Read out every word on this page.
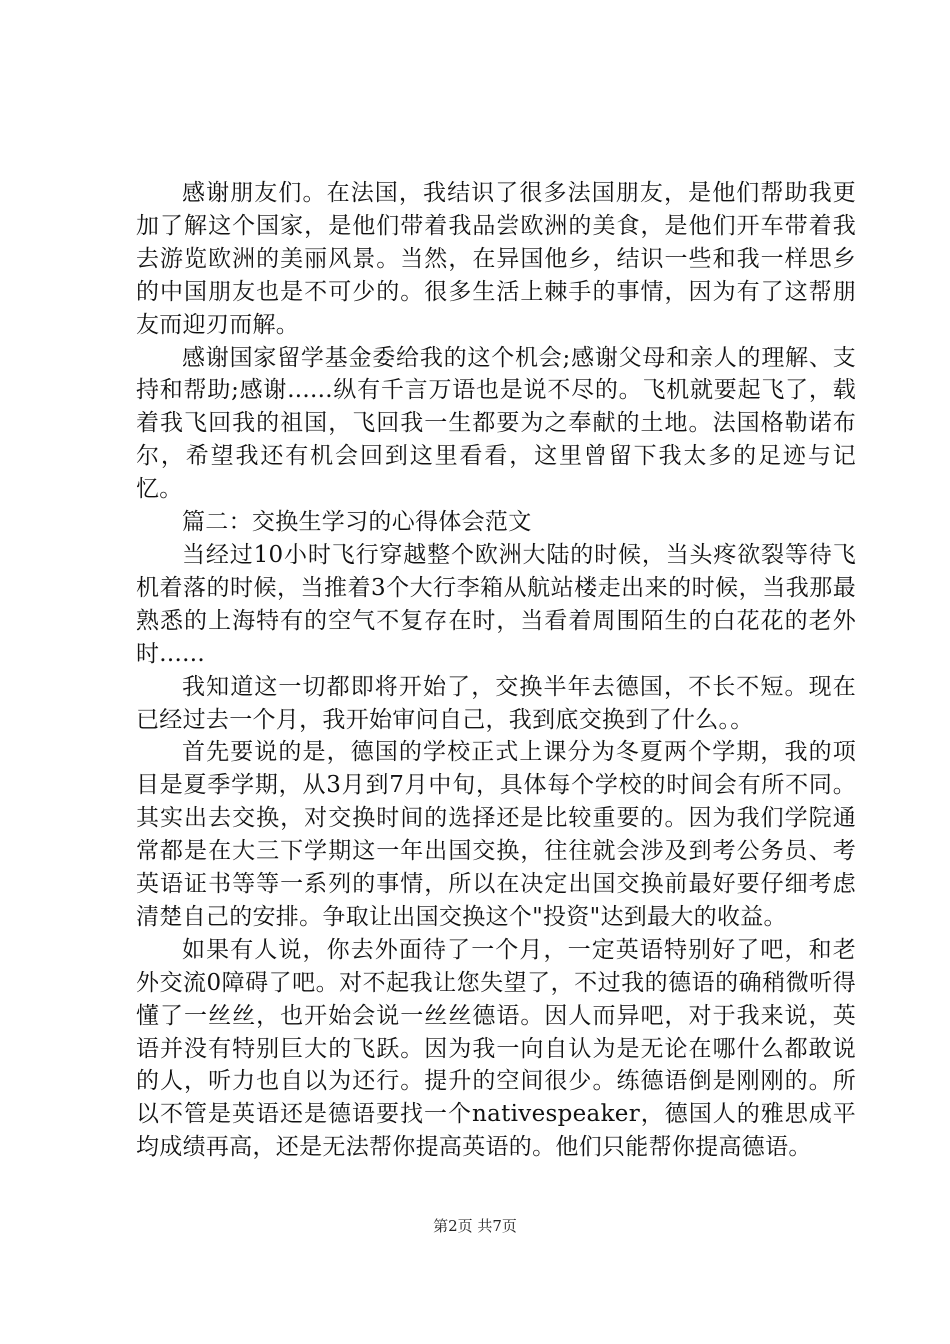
感谢朋友们。在法国，我结识了很多法国朋友，是他们帮助我更加了解这个国家，是他们带着我品尝欧洲的美食，是他们开车带着我去游览欧洲的美丽风景。当然，在异国他乡，结识一些和我一样思乡的中国朋友也是不可少的。很多生活上棘手的事情，因为有了这帮朋友而迎刃而解。

感谢国家留学基金委给我的这个机会;感谢父母和亲人的理解、支持和帮助;感谢......纵有千言万语也是说不尽的。飞机就要起飞了，载着我飞回我的祖国，飞回我一生都要为之奉献的土地。法国格勒诺布尔，希望我还有机会回到这里看看，这里曾留下我太多的足迹与记忆。

篇二：交换生学习的心得体会范文

当经过10小时飞行穿越整个欧洲大陆的时候，当头疼欲裂等待飞机着落的时候，当推着3个大行李箱从航站楼走出来的时候，当我那最熟悉的上海特有的空气不复存在时，当看着周围陌生的白花花的老外时......

我知道这一切都即将开始了，交换半年去德国，不长不短。现在已经过去一个月，我开始审问自己，我到底交换到了什么。。

首先要说的是，德国的学校正式上课分为冬夏两个学期，我的项目是夏季学期，从3月到7月中旬，具体每个学校的时间会有所不同。其实出去交换，对交换时间的选择还是比较重要的。因为我们学院通常都是在大三下学期这一年出国交换，往往就会涉及到考公务员、考英语证书等等一系列的事情，所以在决定出国交换前最好要仔细考虑清楚自己的安排。争取让出国交换这个"投资"达到最大的收益。

如果有人说，你去外面待了一个月，一定英语特别好了吧，和老外交流0障碍了吧。对不起我让您失望了，不过我的德语的确稍微听得懂了一丝丝，也开始会说一丝丝德语。因人而异吧，对于我来说，英语并没有特别巨大的飞跃。因为我一向自认为是无论在哪什么都敢说的人，听力也自以为还行。提升的空间很少。练德语倒是刚刚的。所以不管是英语还是德语要找一个nativespeaker，德国人的雅思成平均成绩再高，还是无法帮你提高英语的。他们只能帮你提高德语。

第2页 共7页
